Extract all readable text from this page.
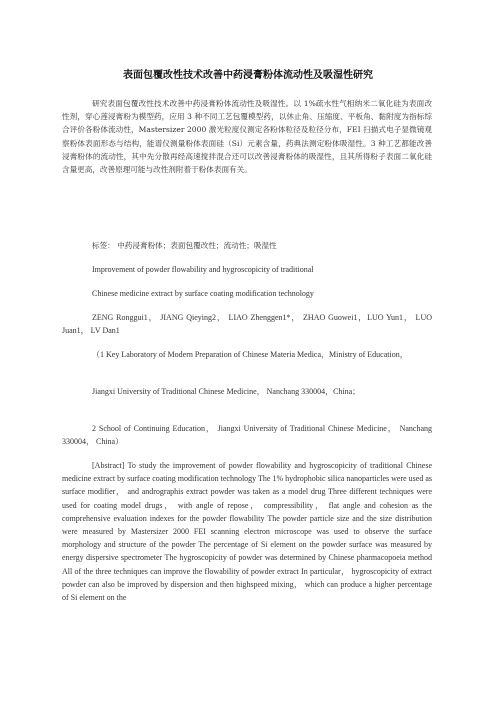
表面包覆改性技术改善中药浸膏粉体流动性及吸湿性研究
研究表面包覆改性技术改善中药浸膏粉体流动性及吸湿性。以 1%疏水性气相纳米二氧化硅为表面改性剂，穿心莲浸膏粉为模型药，应用 3 种不同工艺包覆模型药，以休止角、压缩度、平板角、黏附度为指标综合评价各粉体流动性，Mastersizer 2000 激光粒度仪测定各粉体粒径及粒径分布，FEI 扫描式电子显微镜观察粉体表面形态与结构，能谱仪测量粉体表面硅（Si）元素含量，药典法测定粉体吸湿性。3 种工艺都能改善浸膏粉体的流动性，其中先分散再经高速搅拌混合还可以改善浸膏粉体的吸湿性，且其所得粉子表面二氧化硅含量更高，改善原理可能与改性剂附着于粉体表面有关。
标签： 中药浸膏粉体；表面包覆改性；流动性；吸湿性
Improvement of powder flowability and hygroscopicity of traditional
Chinese medicine extract by surface coating modification technology
ZENG Ronggui1， JIANG Qieying2， LIAO Zhenggen1*， ZHAO Guowei1，LUO Yun1， LUO Juan1， LV Dan1
（1 Key Laboratory of Modern Preparation of Chinese Materia Medica，Ministry of Education，
Jiangxi University of Traditional Chinese Medicine， Nanchang 330004，China；
2 School of Continuing Education， Jiangxi University of Traditional Chinese Medicine， Nanchang 330004， China）
[Abstract] To study the improvement of powder flowability and hygroscopicity of traditional Chinese medicine extract by surface coating modification technology The 1% hydrophobic silica nanoparticles were used as surface modifier， and andrographis extract powder was taken as a model drug Three different techniques were used for coating model drugs， with angle of repose， compressibility， flat angle and cohesion as the comprehensive evaluation indexes for the powder flowability The powder particle size and the size distribution were measured by Mastersizer 2000 FEI scanning electron microscope was used to observe the surface morphology and structure of the powder The percentage of Si element on the powder surface was measured by energy dispersive spectrometer The hygroscopicity of powder was determined by Chinese pharmacopoeia method All of the three techniques can improve the flowability of powder extract In particular， hygroscopicity of extract powder can also be improved by dispersion and then highspeed mixing， which can produce a higher percentage of Si element on the
